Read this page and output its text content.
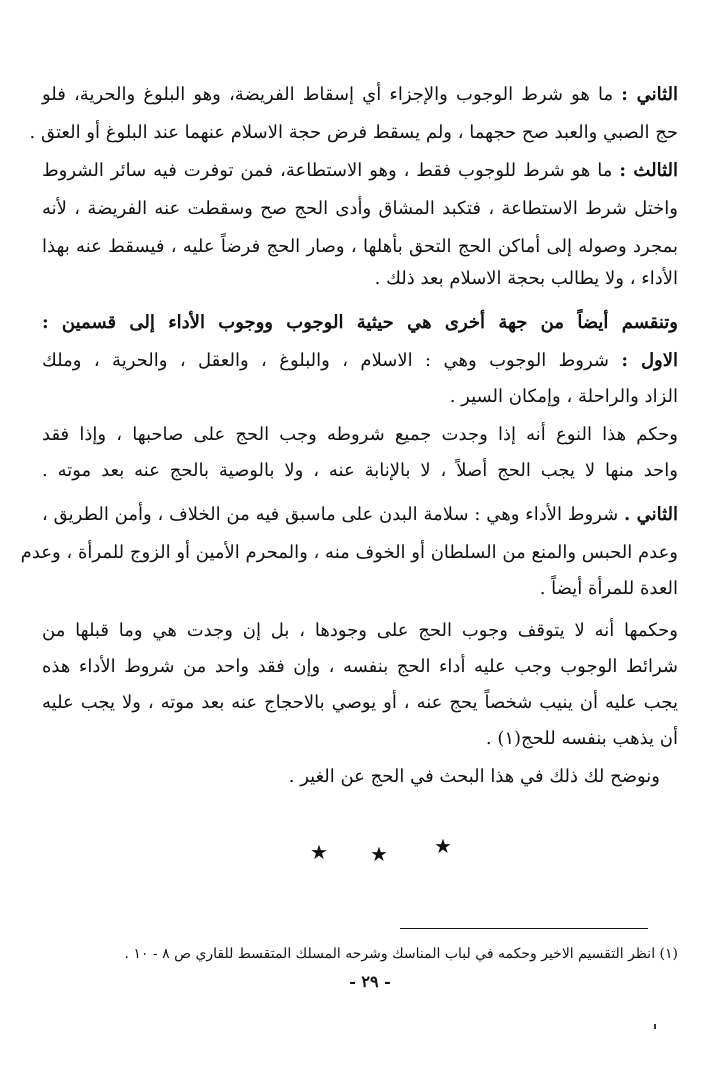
الثاني : ما هو شرط الوجوب والإجزاء أي إسقاط الفريضة، وهو البلوغ والحرية، فلو
حج الصبي والعبد صح حجهما ، ولم يسقط فرض حجة الاسلام عنهما عند البلوغ أو العتق .
الثالث : ما هو شرط للوجوب فقط ، وهو الاستطاعة، فمن توفرت فيه سائر الشروط
واختل شرط الاستطاعة ، فتكبد المشاق وأدى الحج صح وسقطت عنه الفريضة ، لأنه
بمجرد وصوله إلى أماكن الحج التحق بأهلها ، وصار الحج فرضاً عليه ، فيسقط عنه بهذا
الأداء ، ولا يطالب بحجة الاسلام بعد ذلك .
وتنقسم أيضاً من جهة أخرى هي حيثية الوجوب ووجوب الأداء إلى قسمين :
الاول : شروط الوجوب وهي : الاسلام ، والبلوغ ، والعقل ، والحرية ، وملك
الزاد والراحلة ، وإمكان السير .
وحكم هذا النوع أنه إذا وجدت جميع شروطه وجب الحج على صاحبها ، وإذا فقد
واحد منها لا يجب الحج أصلاً ، لا بالإنابة عنه ، ولا بالوصية بالحج عنه بعد موته .
الثاني . شروط الأداء وهي : سلامة البدن على ماسبق فيه من الخلاف ، وأمن الطريق ،
وعدم الحبس والمنع من السلطان أو الخوف منه ، والمحرم الأمين أو الزوج للمرأة ، وعدم
العدة للمرأة أيضاً .
وحكمها أنه لا يتوقف وجوب الحج على وجودها ، بل إن وجدت هي وما قبلها من
شرائط الوجوب وجب عليه أداء الحج بنفسه ، وإن فقد واحد من شروط الأداء هذه
يجب عليه أن ينيب شخصاً يحج عنه ، أو يوصي بالاحجاج عنه بعد موته ، ولا يجب عليه
أن يذهب بنفسه للحج(١) .
ونوضح لك ذلك في هذا البحث في الحج عن الغير .
★ ★ ★
(١) انظر التقسيم الاخير وحكمه في لباب المناسك وشرحه المسلك المتقسط للقاري ص ٨ - ١٠ .
- ٢٩ -
